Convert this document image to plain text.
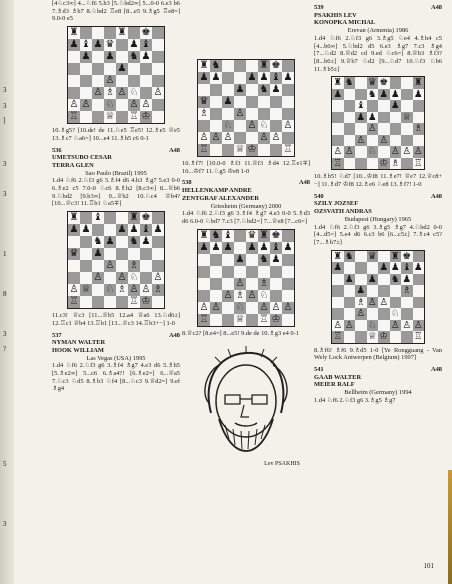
3
3
]
3
3
1
8
3
?
5
3

[4♘c3∞] 4...♘f6 5.h3 [5.♘bd2∞] 5...0-0 6.e3 b6 7.♗d3 ♗b7 8.♘bd2 ♖e8 [8...e5 9.♗g5 ♖e8=] 9.0-0 e5

♜	♜ ♚
♟ ♝ ♟ ♛ ♟ ♝
♟ ♟ ♞ ♟
♟
♙
♙ ♗ ♙ ♘ ♙
♙ ♙ ♘ ♙ ♙
♖	♕ ♖ ♔

10.♗g5? [10.de! de 11.♘e5 ♖e5! 12.♗e5 ♕e5 13.♗c7 ♘a6=] 10...e4 11.♗h5 c6 0-1

536	A48

UMETSUBO CESAR

TERRA GLEN

Sao Paulo (Brazil) 1995

1.d4 ♘f6 2.♘f3 g6 3.♗f4 d6 4.h3 ♗g7 5.e3 0-0 6.♗e2 c5 7.0-0 ♘c6 8.♗h2 [8.c3∞] 8...♕b6 9.♘bd2 [9.b3∞] 9...♕b2 10.♘c4 ♕b4? [10...♕c3! 11.♖b1 ♘a5∓]

♜ ♝	♜ ♚
♟ ♟	♟ ♟ ♝ ♟
♞ ♟ ♞ ♟
♛ ♟
♙ ♗
♙ ♙ ♘ ♙
♙ ♕ ♘ ♗ ♙ ♙ ♗
♖	♖ ♔

11.c3! ♕c3 [11...♕b5 12.a4 ♕a6 13.♘d6±] 12.♖c1 ♕b4 13.♖b1 [13...♕c3 14.♖b3+−] 1-0

537	A48

NYMAN WALTER

HOOK WILLIAM

Las Vegas (USA) 1995

1.d4 ♘f6 2.♘f3 g6 3.♗f4 ♗g7 4.e3 d6 5.♗h5 [5.♗e2∞] 5...c6 6.♗a4?! [6.♗e2=] 6...♕a5 7.♘c3 ♘d5 8.♗b3 ♘f4 [8...♘c3 9.♕d2=] 9.ef ♗g4

♜ ♞	♜ ♚
♟ ♟	♟ ♟ ♝ ♟
♟ ♞ ♟
♛ ♟
♗	♙
♘ ♙ ♘ ♙
♙ ♙ ♙	♙ ♙
♖	♕ ♔	♖

10.♗f7! [10.0-0 ♗f3 11.♕f3 ♗d4 12.♖e1∓] 10...♔f7 11.♘g5 ♔e8 1-0

538	A48

HELLENKAMP ANDRE

ZENTGRAF ALEXANDER

Griesheim (Germany) 2000

1.d4 ♘f6 2.♘f3 g6 3.♗f4 ♗g7 4.e3 0-0 5.♗d3 d6 6.0-0 ♘bd7 7.c3 [7.♘bd2=] 7...♕e8 [7...c6=]

♜ ♞ ♝ ♛ ♜ ♚
♟ ♟ ♟ ♟ ♟ ♝ ♟
♟ ♞ ♟
♙ ♗
♙ ♗ ♙ ♘
♙ ♙ ♘ ♙ ♙ ♙
♖	♕ ♖ ♔

8.♕c2? [8.e4=] 8...e5! 9.de de 10.♗g3 e4 0-1

Lev PSAKHIS

539	A48

PSAKHIS LEV

KONOPKA MICHAL

Erevan (Armenia) 1986

1.d4 ♘f6 2.♘f3 g6 3.♗g5 ♘e4 4.♗h4 c5 [4...b6∞] 5.♘bd2 d5 6.e3 ♗g7 7.c3 ♗g4 [7...♘d2 8.♕d2 cd 9.ed ♘c6=] 8.♕b3 ♗f3? [8...b6±] 9.♕b7 ♘d2 [9...♘d7 10.♘f3 ♘b6 11.♗b5±]

♜ ♞ ♛ ♚	♜
♟	♞ ♟ ♟ ♟
♝	♟
♟ ♟	♕
♙	♗
♙ ♙
♙ ♙ ♘ ♙ ♙ ♙
♖	♔ ♗ ♖

10.♗b5! ♘d7 [10...♔f8 11.♗e7! ♕e7 12.♕c8+−] 11.♗d7 ♔f8 12.♗e6 ♘e8 13.♗f7! 1-0

540	A48

SZILY JOZSEF

OZSVATH ANDRAS

Budapest (Hungary) 1965

1.d4 ♘f6 2.♘f3 g6 3.♗g5 ♗g7 4.♘bd2 0-0 [4...d5=] 5.e4 d6 6.c3 b6 [6...c5±] 7.♗c4 c5? [7...♗b7±]

♜ ♞ ♛ ♜ ♚
♟	♟ ♟ ♝ ♟
♟ ♟ ♞ ♟
♟	♗
♗ ♙ ♙
♙	♘
♙ ♙ ♘ ♙ ♙ ♙
♖	♕ ♔	♖

8.♗f6! ♗f6 9.♗d5 1-0 [Ye Rongguang - Van Wely Lock Antwerpen (Belgium) 1997]

541	A48

GAAB WALTER

MEIER RALF

Bellheim (Germany) 1994

1.d4 ♘f6 2.♘f3 g6 3.♗g5 ♗g7

101
